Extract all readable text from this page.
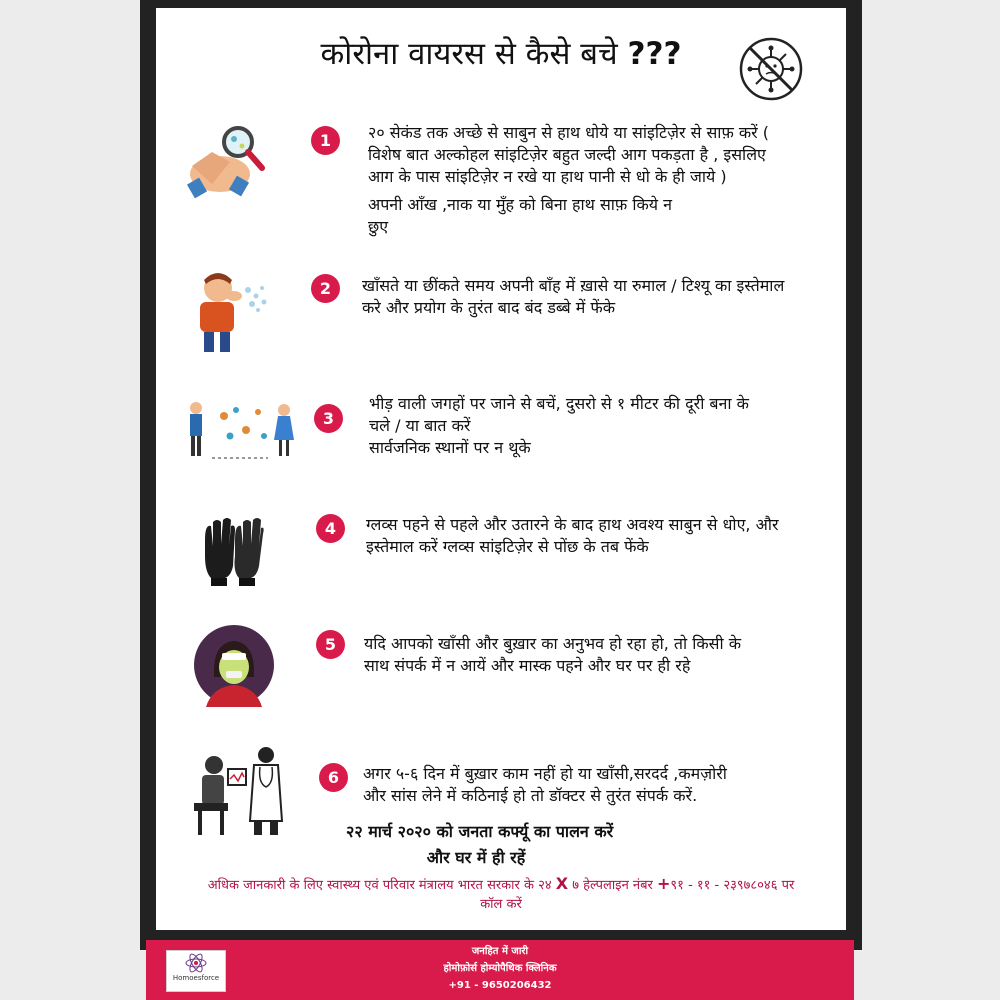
कोरोना वायरस से कैसे बचे ???
1	२० सेकंड तक अच्छे से साबुन से हाथ धोये या सांइटिज़ेर से साफ़ करें (
विशेष बात अल्कोहल सांइटिज़ेर बहुत जल्दी आग पकड़ता है , इसलिए
आग के पास सांइटिज़ेर न रखे या हाथ पानी से धो के ही जाये )
अपनी आँख ,नाक या मुँह को बिना हाथ साफ़ किये न
छुए
2	खाँसते या छींकते समय अपनी बाँह में ख़ासे या रुमाल / टिश्यू का इस्तेमाल
करे और प्रयोग के तुरंत बाद बंद डब्बे में फेंके
3
भीड़ वाली जगहों पर जाने से बचें, दुसरो से १ मीटर की दूरी बना के
चले / या बात करें
सार्वजनिक स्थानों पर न थूके
4	ग्लव्स पहने से पहले और उतारने के बाद हाथ अवश्य साबुन से धोए, और
इस्तेमाल करें ग्लव्स सांइटिज़ेर से पोंछ के तब फेंके
5	यदि आपको खाँसी और बुख़ार का अनुभव हो रहा हो, तो किसी के
साथ संपर्क में न आयें और मास्क पहने और घर पर ही रहे
6	अगर ५-६ दिन में बुख़ार काम नहीं हो या खाँसी,सरदर्द ,कमज़ोरी
और सांस लेने में कठिनाई हो तो डॉक्टर से तुरंत संपर्क करें.
२२ मार्च २०२० को जनता कर्फ्यू का पालन करें
और घर में ही रहें
अधिक जानकारी के लिए स्वास्थ्य एवं परिवार मंत्रालय भारत सरकार के २४ X ७ हेल्पलाइन नंबर +९१ - ११ - २३९७८०४६ पर
कॉल करें
Homoesforce
जनहित में जारी
होमोफ़ोर्स होम्योपैथिक क्लिनिक
+91 - 9650206432
